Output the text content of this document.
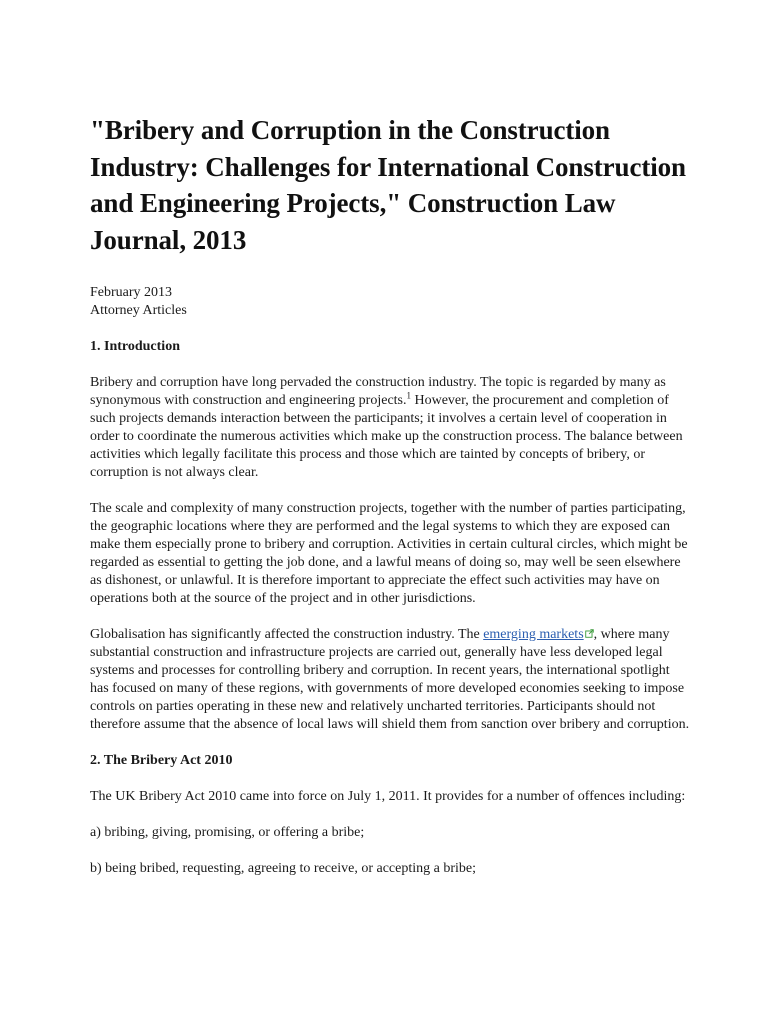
"Bribery and Corruption in the Construction Industry: Challenges for International Construction and Engineering Projects," Construction Law Journal, 2013
February 2013
Attorney Articles
1. Introduction

Bribery and corruption have long pervaded the construction industry. The topic is regarded by many as synonymous with construction and engineering projects.$^1$ However, the procurement and completion of such projects demands interaction between the participants; it involves a certain level of cooperation in order to coordinate the numerous activities which make up the construction process. The balance between activities which legally facilitate this process and those which are tainted by concepts of bribery, or corruption is not always clear.

The scale and complexity of many construction projects, together with the number of parties participating, the geographic locations where they are performed and the legal systems to which they are exposed can make them especially prone to bribery and corruption. Activities in certain cultural circles, which might be regarded as essential to getting the job done, and a lawful means of doing so, may well be seen elsewhere as dishonest, or unlawful. It is therefore important to appreciate the effect such activities may have on operations both at the source of the project and in other jurisdictions.

Globalisation has significantly affected the construction industry. The emerging markets , where many substantial construction and infrastructure projects are carried out, generally have less developed legal systems and processes for controlling bribery and corruption. In recent years, the international spotlight has focused on many of these regions, with governments of more developed economies seeking to impose controls on parties operating in these new and relatively uncharted territories. Participants should not therefore assume that the absence of local laws will shield them from sanction over bribery and corruption.

2. The Bribery Act 2010

The UK Bribery Act 2010 came into force on July 1, 2011. It provides for a number of offences including:

a) bribing, giving, promising, or offering a bribe;

b) being bribed, requesting, agreeing to receive, or accepting a bribe;
